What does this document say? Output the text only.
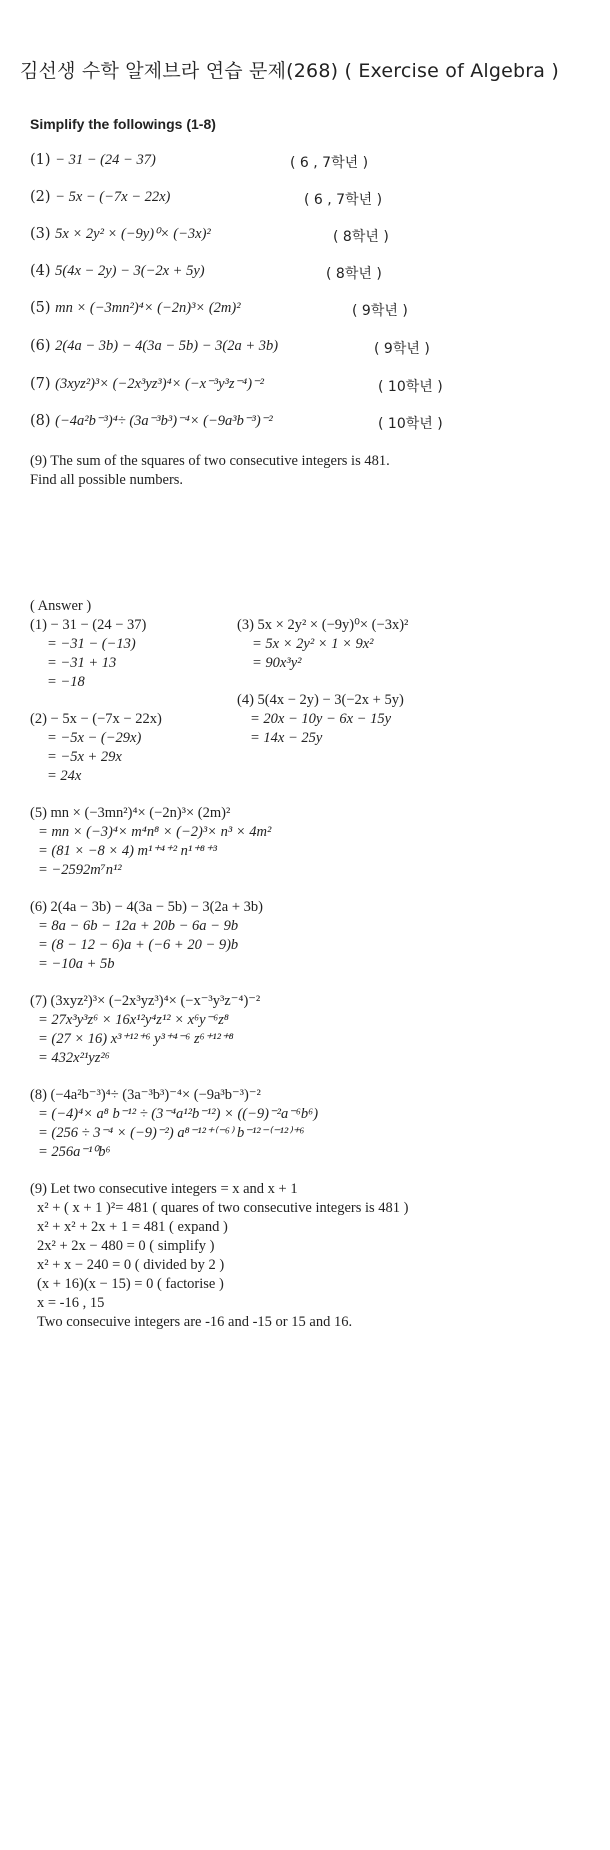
김선생 수학 알제브라 연습 문제(268) ( Exercise of Algebra )
Simplify the followings (1-8)
(1) − 31 − (24 − 37)	( 6 , 7학년 )
(2) − 5x − (−7x − 22x)	( 6 , 7학년 )
(3) 5x × 2y² × (−9y)⁰× (−3x)²	( 8학년 )
(4) 5(4x − 2y) − 3(−2x + 5y)	( 8학년 )
(5) mn × (−3mn²)⁴× (−2n)³× (2m)²	( 9학년 )
(6) 2(4a − 3b) − 4(3a − 5b) − 3(2a + 3b)	( 9학년 )
(7) (3xyz²)³× (−2x³yz³)⁴× (−x⁻³y³z⁻⁴)⁻²	( 10학년 )
(8) (−4a²b⁻³)⁴÷ (3a⁻³b³)⁻⁴× (−9a³b⁻³)⁻²	( 10학년 )
(9) The sum of the squares of two consecutive integers is 481.
Find all possible numbers.
( Answer )
(1) − 31 − (24 − 37)
= −31 − (−13)
= −31 + 13
= −18
(2) − 5x − (−7x − 22x)
= −5x − (−29x)
= −5x + 29x
= 24x
(3) 5x × 2y² × (−9y)⁰× (−3x)²
= 5x × 2y² × 1 × 9x²
= 90x³y²
(4) 5(4x − 2y) − 3(−2x + 5y)
= 20x − 10y − 6x − 15y
= 14x − 25y
(5) mn × (−3mn²)⁴× (−2n)³× (2m)²
= mn × (−3)⁴× m⁴n⁸ × (−2)³× n³ × 4m²
= (81 × −8 × 4) m¹⁺⁴⁺² n¹⁺⁸⁺³
= −2592m⁷n¹²
(6) 2(4a − 3b) − 4(3a − 5b) − 3(2a + 3b)
= 8a − 6b − 12a + 20b − 6a − 9b
= (8 − 12 − 6)a + (−6 + 20 − 9)b
= −10a + 5b
(7) (3xyz²)³× (−2x³yz³)⁴× (−x⁻³y³z⁻⁴)⁻²
= 27x³y³z⁶ × 16x¹²y⁴z¹² × x⁶y⁻⁶z⁸
= (27 × 16) x³⁺¹²⁺⁶ y³⁺⁴⁻⁶ z⁶⁺¹²⁺⁸
= 432x²¹yz²⁶
(8) (−4a²b⁻³)⁴÷ (3a⁻³b³)⁻⁴× (−9a³b⁻³)⁻²
= (−4)⁴× a⁸ b⁻¹² ÷ (3⁻⁴a¹²b⁻¹²) × ((−9)⁻²a⁻⁶b⁶)
= (256 ÷ 3⁻⁴ × (−9)⁻²) a⁸⁻¹²⁺⁽⁻⁶⁾ b⁻¹²⁻⁽⁻¹²⁾⁺⁶
= 256a⁻¹⁰b⁶
(9) Let two consecutive integers = x and x + 1
x² + ( x + 1 )²= 481 ( quares of two consecutive integers is 481 )
x² + x² + 2x + 1 = 481 ( expand )
2x² + 2x − 480 = 0 ( simplify )
x² + x − 240 = 0 ( divided by 2 )
(x + 16)(x − 15) = 0 ( factorise )
x = -16 , 15
Two consecuive integers are -16 and -15 or 15 and 16.
